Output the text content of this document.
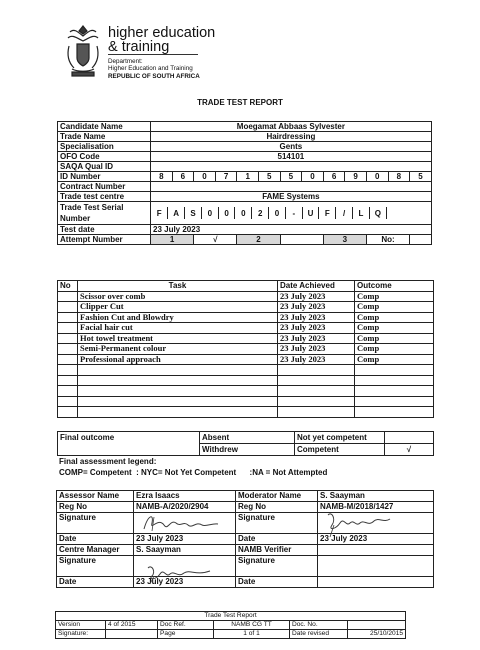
higher education
& training
Department:
Higher Education and Training
REPUBLIC OF SOUTH AFRICA
TRADE TEST REPORT
Candidate Name	Moegamat Abbaas Sylvester
Trade Name	Hairdressing
Specialisation	Gents
OFO Code	514101
SAQA Qual ID	
ID Number	8	6	0	7	1	5	5	0	6	9	0	8	5
Contract Number	
Trade test centre	FAME Systems
Trade Test Serial
Number	
F	A	S	0	0	0	2	0	-	U	F	/	L	Q	

Test date	23 July 2023
Attempt Number	1	√	2		3	No:	
No	Task	Date Achieved	Outcome
	Scissor over comb	23 July 2023	Comp
	Clipper Cut	23 July 2023	Comp
	Fashion Cut and Blowdry	23 July 2023	Comp
	Facial hair cut	23 July 2023	Comp
	Hot towel treatment	23 July 2023	Comp
	Semi-Permanent colour	23 July 2023	Comp
	Professional approach	23 July 2023	Comp

Final outcome	Absent	Not yet competent	
	Withdrew	Competent	√
Final assessment legend:
COMP= Competent  : NYC= Not Yet Competent      :NA = Not Attempted
Assessor Name	Ezra Isaacs	Moderator Name	S. Saayman
Reg No	NAMB-A/2020/2904	Reg No	NAMB-M/2018/1427
Signature		Signature	
Date	23 July 2023	Date	23 July 2023
Centre Manager	S. Saayman	NAMB Verifier	
Signature		Signature	
Date	23 July 2023	Date	
Trade Test Report					
Version	4 of 2015	Doc Ref.	NAMB CG TT	Doc. No.	
Signature:		Page	1 of 1	Date revised	25/10/2015
